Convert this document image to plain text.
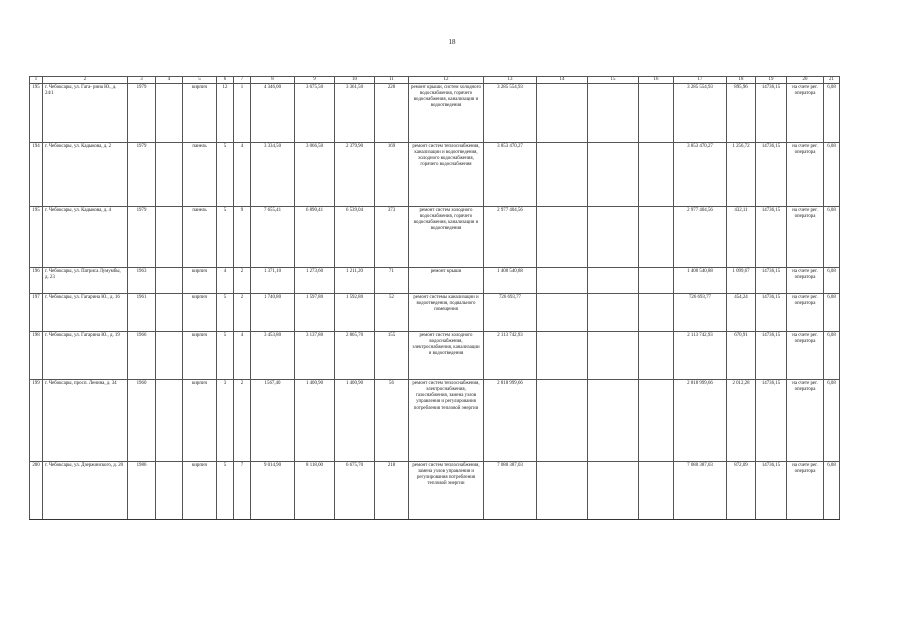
18
1	2	3	4	5	6	7	8	9	10	11	12	13	14	15	16	17	18	19	20	21
195	г. Чебоксары, ул. Гага- рина Ю., д. 24/1	1979		кирпич	12	1	4 346,00	3 675,50	3 361,50	228	ремонт крыши, систем холодного водоснабжения, горячего водоснабжения, канализации и водоотведения	3 285 554,93				3 285 554,93	895,96	14736,15	на счете рег. оператора	6,08
194	г. Чебоксары, ул. Кадыкова, д. 2	1979		панель	5	4	3 334,50	3 066,50	2 379,90	169	ремонт систем теплоснабжения, канализации и водоотведения, холодного водоснабжения, горячего водоснабжения	3 853 470,27				3 853 470,27	1 256,72	14736,15	на счете рег. оператора	6,08
195	г. Чебоксары, ул. Кадыкова, д. 4	1979		панель	5	9	7 655,41	6 890,41	6 539,04	373	ремонт систем холодного водоснабжения, горячего водоснабжения, канализации и водоотведения	2 977 404,56				2 977 404,56	432,11	14736,15	на счете рег. оператора	6,08
196	г. Чебоксары, ул. Патриса Лумумбы, д. 23	1963		кирпич	4	2	1 371,10	1 273,60	1 211,20	71	ремонт крыши	1 400 540,88				1 400 540,88	1 099,67	14736,15	на счете рег. оператора	6,08
197	г. Чебоксары, ул. Гагарина Ю., д. 16	1961		кирпич	5	2	1 740,80	1 597,80	1 592,80	52	ремонт системы канализации и водоотведения, подвального помещения	726 693,77				726 693,77	454,24	14736,15	на счете рег. оператора	6,08
198	г. Чебоксары, ул. Гагарина Ю., д. 19	1966		кирпич	5	4	3 453,80	3 137,80	2 865,70	155	ремонт систем холодного водоснабжения, электроснабжения, канализации и водоотведения	2 113 742,93				2 113 742,93	670,91	14736,15	на счете рег. оператора	6,08
199	г. Чебоксары, просп. Ленина, д. 34	1960		кирпич	3	2	1567,40	1 400,90	1 400,90	56	ремонт систем теплоснабжения, электроснабжения, газоснабжения, замена узлов управления и регулирования потребления тепловой энергии	2 818 999,66				2 818 999,66	2 012,28	14736,15	на счете рег. оператора	6,08
200	г. Чебоксары, ул. Дзержинского, д. 20	1986		кирпич	5	7	9 014,90	8 118,00	6 675,70	218	ремонт систем теплоснабжения, замена узлов управления и регулирования потребления тепловой энергии	7 080 387,03				7 080 387,03	872,09	14736,15	на счете рег. оператора	6,08
